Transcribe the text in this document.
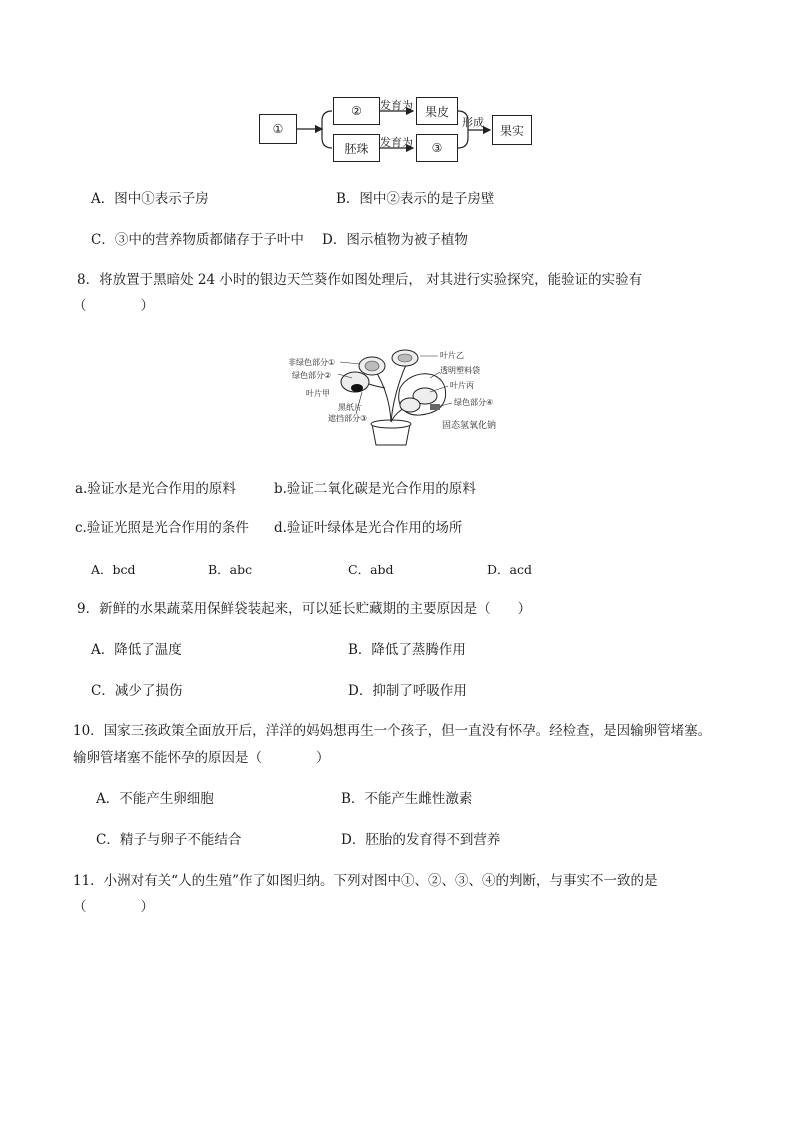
①
②
胚珠
果皮
③
果实
发育为
发育为
形成
A．图中①表示子房	B．图中②表示的是子房壁
C．③中的营养物质都储存于子叶中 D．图示植物为被子植物
8．将放置于黑暗处 24 小时的银边天竺葵作如图处理后， 对其进行实验探究，能验证的实验有
（　　　　）
非绿色部分①
绿色部分②
叶片甲
黑纸片
遮挡部分③
叶片乙
透明塑料袋
叶片丙
绿色部分④
固态氢氧化钠
a.验证水是光合作用的原料	b.验证二氧化碳是光合作用的原料
c.验证光照是光合作用的条件 d.验证叶绿体是光合作用的场所
A．bcd	B．abc	C．abd	D．acd
9．新鲜的水果蔬菜用保鲜袋装起来，可以延长贮藏期的主要原因是（　　）
A．降低了温度	B．降低了蒸腾作用
C．减少了损伤	D．抑制了呼吸作用
10．国家三孩政策全面放开后，洋洋的妈妈想再生一个孩子，但一直没有怀孕。经检查，是因输卵管堵塞。
输卵管堵塞不能怀孕的原因是（　　　　）
A．不能产生卵细胞	B．不能产生雌性激素
C．精子与卵子不能结合	D．胚胎的发育得不到营养
11．小洲对有关“人的生殖”作了如图归纳。下列对图中①、②、③、④的判断，与事实不一致的是
（　　　　）
